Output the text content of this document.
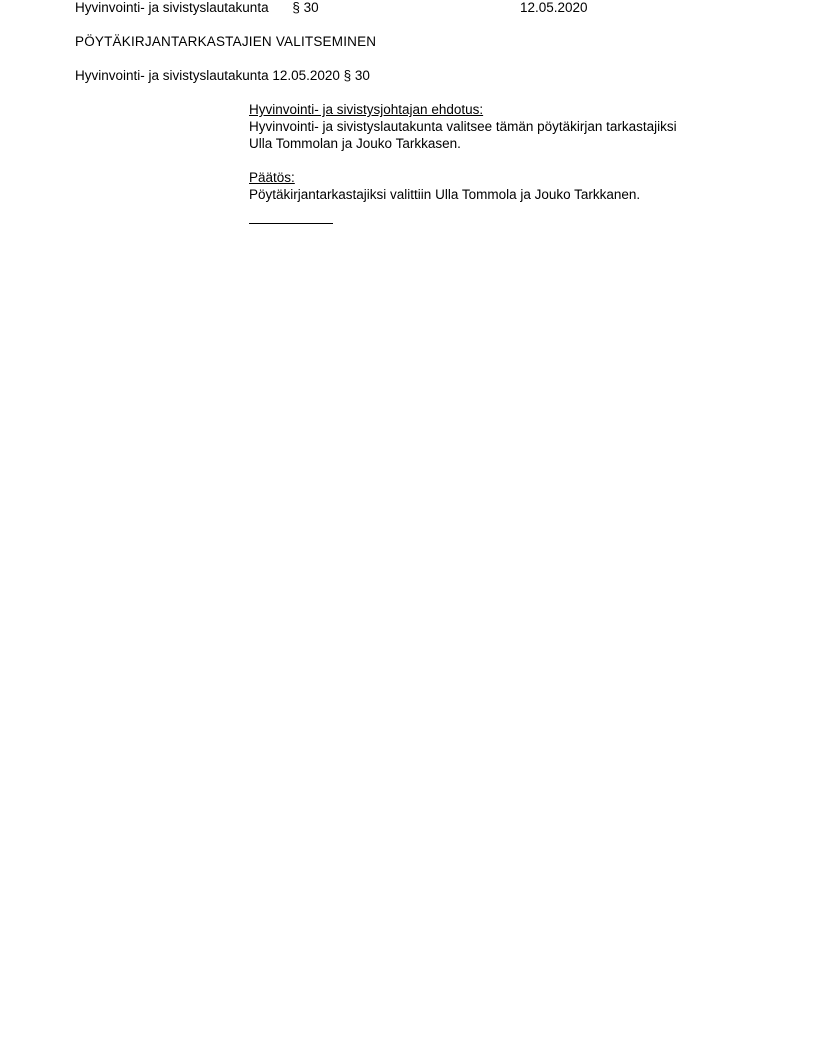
Hyvinvointi- ja sivistyslautakunta § 30	12.05.2020
PÖYTÄKIRJANTARKASTAJIEN VALITSEMINEN
Hyvinvointi- ja sivistyslautakunta 12.05.2020 § 30
Hyvinvointi- ja sivistysjohtajan ehdotus:

Hyvinvointi- ja sivistyslautakunta valitsee tämän pöytäkirjan tarkastajiksi

Ulla Tommolan ja Jouko Tarkkasen.

Päätös:

Pöytäkirjantarkastajiksi valittiin Ulla Tommola ja Jouko Tarkkanen.
